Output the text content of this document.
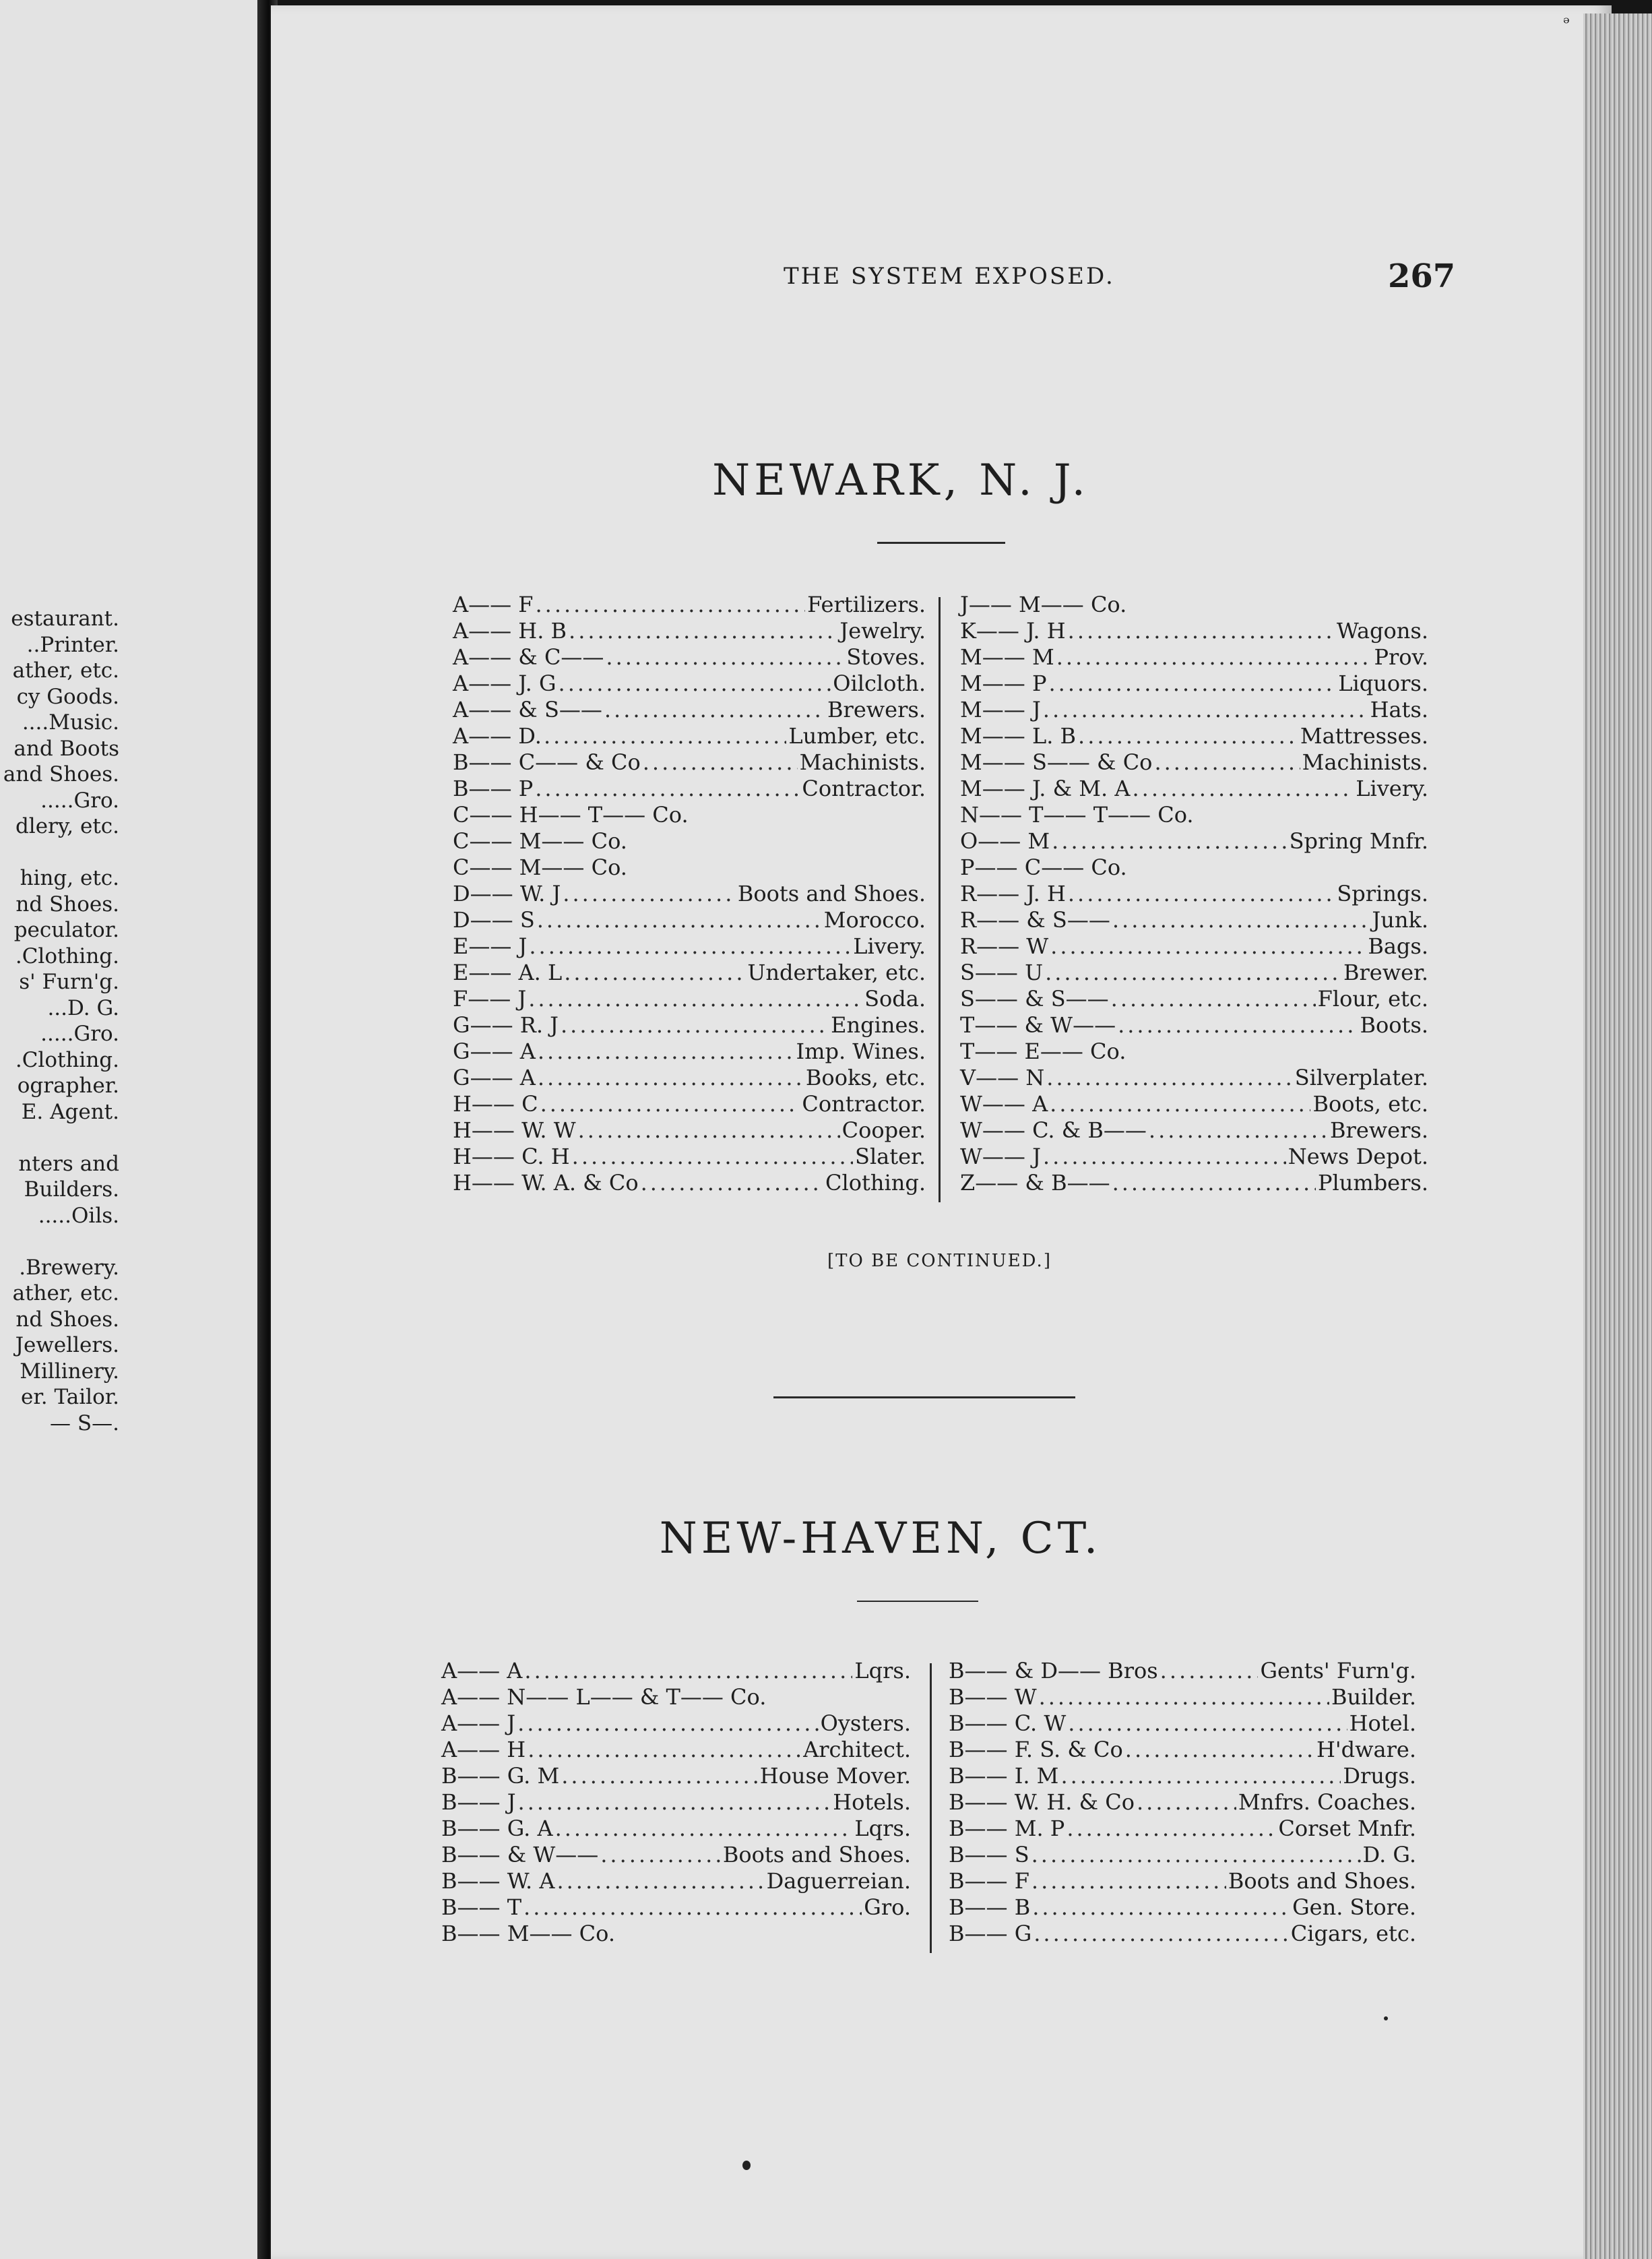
estaurant.
..Printer.
ather, etc.
cy Goods.
....Music.
and Boots
and Shoes.
.....Gro.
dlery, etc.
hing, etc.
nd Shoes.
peculator.
.Clothing.
s' Furn'g.
...D. G.
.....Gro.
.Clothing.
ographer.
E. Agent.
nters and
Builders.
.....Oils.
.Brewery.
ather, etc.
nd Shoes.
Jewellers.
Millinery.
er. Tailor.
— S—.
THE SYSTEM EXPOSED.	267
NEWARK, N. J.
A—— F .....	Fertilizers.
A—— H. B .....	Jewelry.
A—— & C—— .....	Stoves.
A—— J. G .....	Oilcloth.
A—— & S—— .....	Brewers.
A—— D. .....	Lumber, etc.
B—— C—— & Co .....	Machinists.
B—— P .....	Contractor.
C—— H—— T—— Co.
C—— M—— Co.
C—— M—— Co.
D—— W. J .....	Boots and Shoes.
D—— S .....	Morocco.
E—— J .....	Livery.
E—— A. L .....	Undertaker, etc.
F—— J .....	Soda.
G—— R. J .....	Engines.
G—— A .....	Imp. Wines.
G—— A .....	Books, etc.
H—— C .....	Contractor.
H—— W. W .....	Cooper.
H—— C. H .....	Slater.
H—— W. A. & Co .....	Clothing.
J—— M—— Co.
K—— J. H .....	Wagons.
M—— M .....	Prov.
M—— P .....	Liquors.
M—— J .....	Hats.
M—— L. B .....	Mattresses.
M—— S—— & Co .....	Machinists.
M—— J. & M. A .....	Livery.
N—— T—— T—— Co.
O—— M .....	Spring Mnfr.
P—— C—— Co.
R—— J. H .....	Springs.
R—— & S—— .....	Junk.
R—— W .....	Bags.
S—— U .....	Brewer.
S—— & S—— .....	Flour, etc.
T—— & W—— .....	Boots.
T—— E—— Co.
V—— N .....	Silverplater.
W—— A .....	Boots, etc.
W—— C. & B—— .....	Brewers.
W—— J .....	News Depot.
Z—— & B—— .....	Plumbers.
[TO BE CONTINUED.]
NEW-HAVEN, CT.
A—— A .....	Lqrs.
A—— N—— L—— & T—— Co.
A—— J .....	Oysters.
A—— H .....	Architect.
B—— G. M .....	House Mover.
B—— J .....	Hotels.
B—— G. A .....	Lqrs.
B—— & W—— .....	Boots and Shoes.
B—— W. A .....	Daguerreian.
B—— T .....	Gro.
B—— M—— Co.
B—— & D—— Bros .....	Gents' Furn'g.
B—— W .....	Builder.
B—— C. W .....	Hotel.
B—— F. S. & Co .....	H'dware.
B—— I. M .....	Drugs.
B—— W. H. & Co .....	Mnfrs. Coaches.
B—— M. P .....	Corset Mnfr.
B—— S .....	D. G.
B—— F .....	Boots and Shoes.
B—— B .....	Gen. Store.
B—— G .....	Cigars, etc.
ᵊ
